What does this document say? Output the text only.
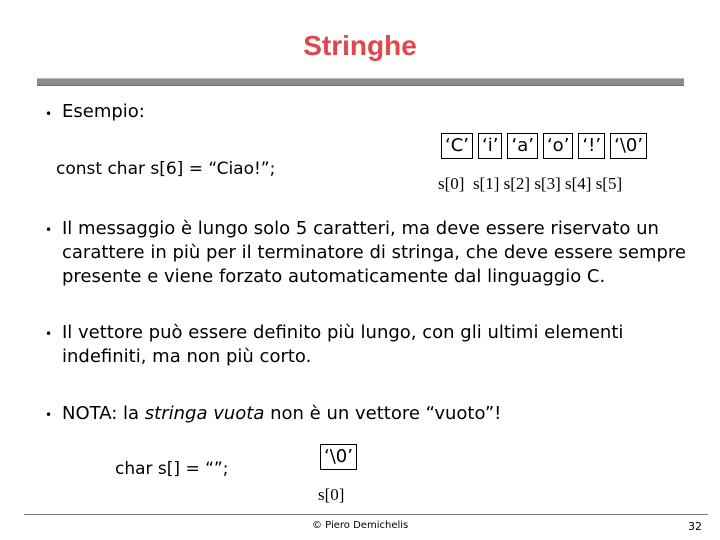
Stringhe
• Esempio:
const char s[6] = “Ciao!”;
‘C’ ‘i’ ‘a’ ‘o’ ‘!’ ‘\0’
s[0]  s[1] s[2] s[3] s[4] s[5]
• Il messaggio è lungo solo 5 caratteri, ma deve essere riservato un
carattere in più per il terminatore di stringa, che deve essere sempre
presente e viene forzato automaticamente dal linguaggio C.
• Il vettore può essere definito più lungo, con gli ultimi elementi
indefiniti, ma non più corto.
• NOTA: la stringa vuota non è un vettore “vuoto”!
char s[] = “”;
‘\0’
s[0]
© Piero Demichelis	32
